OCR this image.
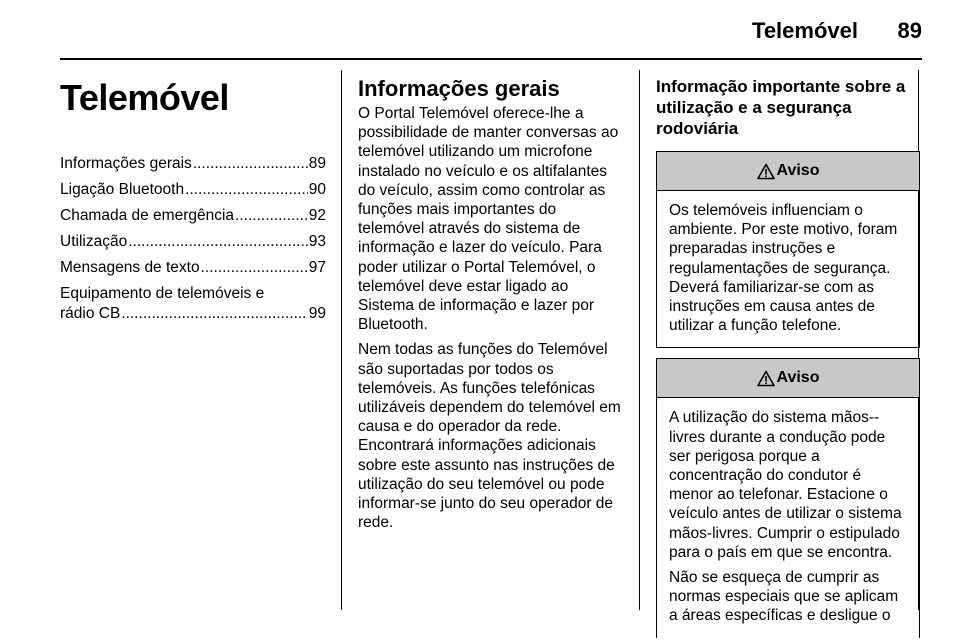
Telemóvel 89
Telemóvel
Informações gerais .....	89
Ligação Bluetooth .....	90
Chamada de emergência .....	92
Utilização .....	93
Mensagens de texto .....	97
Equipamento de telemóveis e
rádio CB .....	99
Informações gerais

O Portal Telemóvel oferece-lhe a possibilidade de manter conversas ao telemóvel utilizando um microfone instalado no veículo e os altifalantes do veículo, assim como controlar as funções mais importantes do telemóvel através do sistema de informação e lazer do veículo. Para poder utilizar o Portal Telemóvel, o telemóvel deve estar ligado ao Sistema de informação e lazer por Bluetooth.

Nem todas as funções do Telemóvel são suportadas por todos os telemóveis. As funções telefónicas utilizáveis dependem do telemóvel em causa e do operador da rede. Encontrará informações adicionais sobre este assunto nas instruções de utilização do seu telemóvel ou pode informar-se junto do seu operador de rede.

Informação importante sobre a utilização e a segurança rodoviária
Aviso

Os telemóveis influenciam o ambiente. Por este motivo, foram preparadas instruções e regulamentações de segurança. Deverá familiarizar-se com as instruções em causa antes de utilizar a função telefone.

Aviso

A utilização do sistema mãos--livres durante a condução pode ser perigosa porque a concentração do condutor é menor ao telefonar. Estacione o veículo antes de utilizar o sistema mãos-livres. Cumprir o estipulado para o país em que se encontra.

Não se esqueça de cumprir as normas especiais que se aplicam a áreas específicas e desligue o
